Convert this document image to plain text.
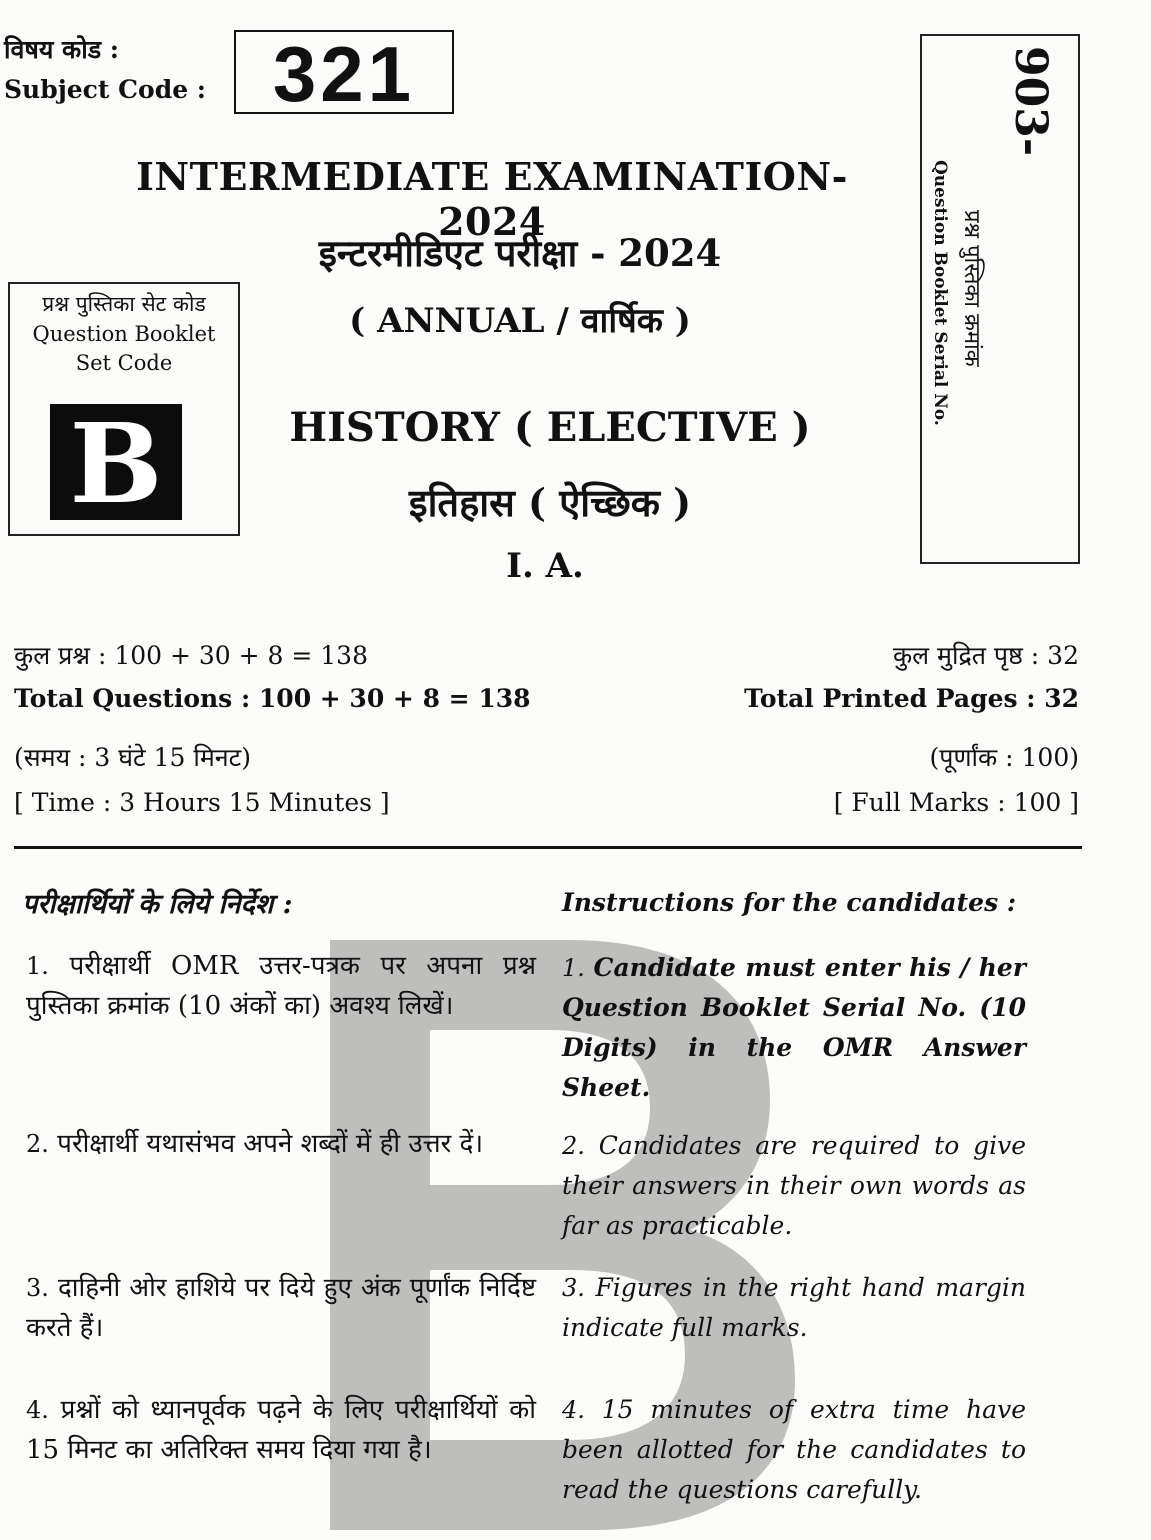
विषय कोड :
Subject Code : 321
INTERMEDIATE EXAMINATION-2024
इन्टरमीडिएट परीक्षा - 2024
( ANNUAL / वार्षिक )
प्रश्न पुस्तिका सेट कोड
Question Booklet
Set Code
B	HISTORY ( ELECTIVE )
इतिहास ( ऐच्छिक )
I. A.
903-
Question Booklet Serial No. प्रश्न पुस्तिका क्रमांक
कुल प्रश्न : 100 + 30 + 8 = 138
Total Questions : 100 + 30 + 8 = 138
कुल मुद्रित पृष्ठ : 32
Total Printed Pages : 32
(समय : 3 घंटे 15 मिनट)
[ Time : 3 Hours 15 Minutes ]
(पूर्णांक : 100)
[ Full Marks : 100 ]
परीक्षार्थियों के लिये निर्देश :	Instructions for the candidates :
1. परीक्षार्थी OMR उत्तर-पत्रक पर अपना प्रश्न पुस्तिका क्रमांक (10 अंकों का) अवश्य लिखें।
2. परीक्षार्थी यथासंभव अपने शब्दों में ही उत्तर दें।
3. दाहिनी ओर हाशिये पर दिये हुए अंक पूर्णांक निर्दिष्ट करते हैं।
4. प्रश्नों को ध्यानपूर्वक पढ़ने के लिए परीक्षार्थियों को 15 मिनट का अतिरिक्त समय दिया गया है।
1. Candidate must enter his / her Question Booklet Serial No. (10 Digits) in the OMR Answer Sheet.
2. Candidates are required to give their answers in their own words as far as practicable.
3. Figures in the right hand margin indicate full marks.
4. 15 minutes of extra time have been allotted for the candidates to read the questions carefully.
